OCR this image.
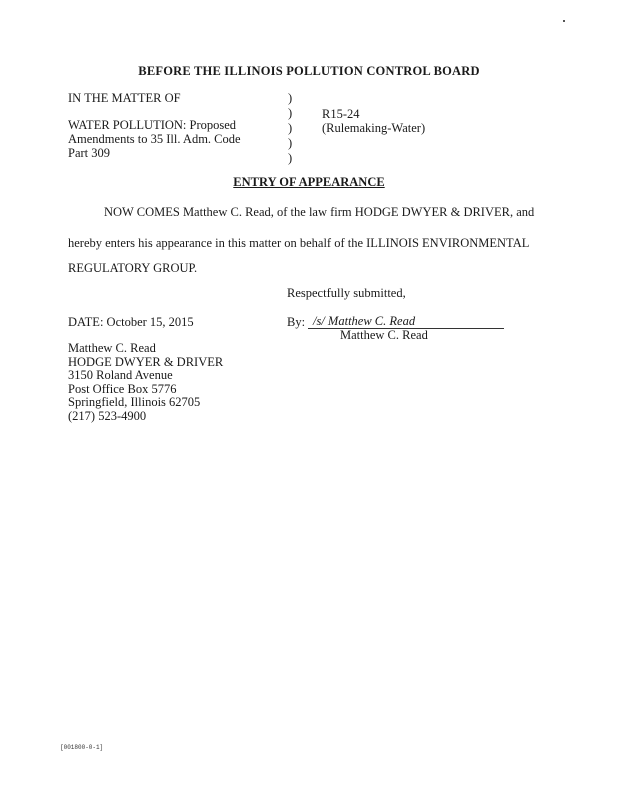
BEFORE THE ILLINOIS POLLUTION CONTROL BOARD
IN THE MATTER OF
WATER POLLUTION: Proposed
Amendments to 35 Ill. Adm. Code
Part 309
)
)
)
)
)
R15-24
(Rulemaking-Water)
ENTRY OF APPEARANCE
NOW COMES Matthew C. Read, of the law firm HODGE DWYER & DRIVER, and
hereby enters his appearance in this matter on behalf of the ILLINOIS ENVIRONMENTAL
REGULATORY GROUP.
Respectfully submitted,
DATE: October 15, 2015	By: /s/ Matthew C. Read
Matthew C. Read
Matthew C. Read
HODGE DWYER & DRIVER
3150 Roland Avenue
Post Office Box 5776
Springfield, Illinois 62705
(217) 523-4900
[001800-0-1]
